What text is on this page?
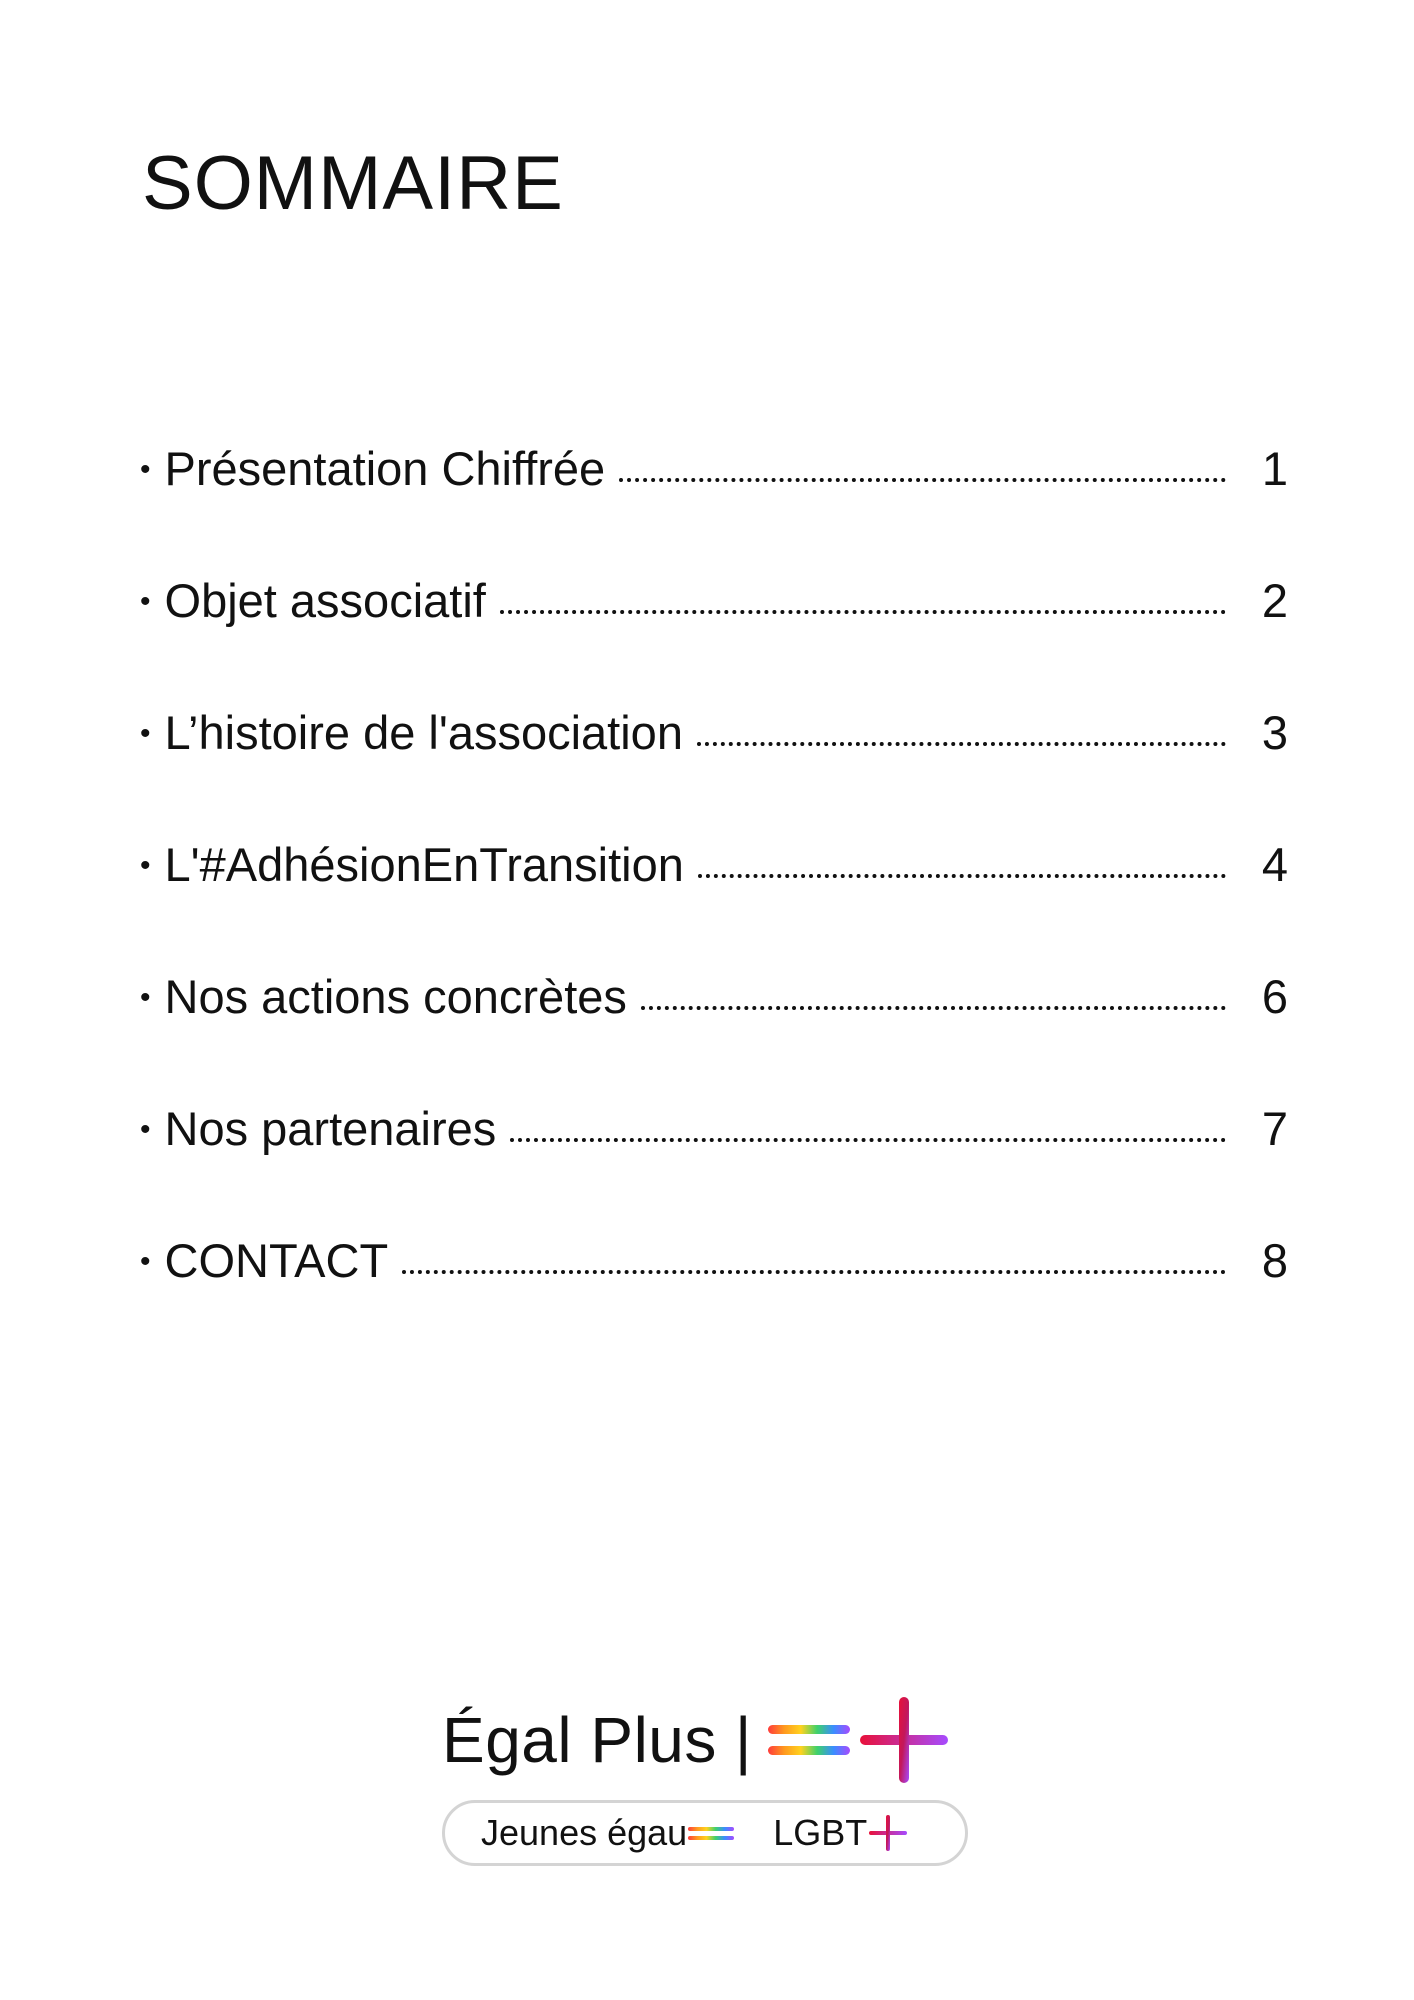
SOMMAIRE
• Présentation Chiffrée	1
• Objet associatif	2
• L’histoire de l'association	3
• L'#AdhésionEnTransition	4
• Nos actions concrètes	6
• Nos partenaires	7
• CONTACT	8
Égal Plus |
Jeunes égau LGBT
